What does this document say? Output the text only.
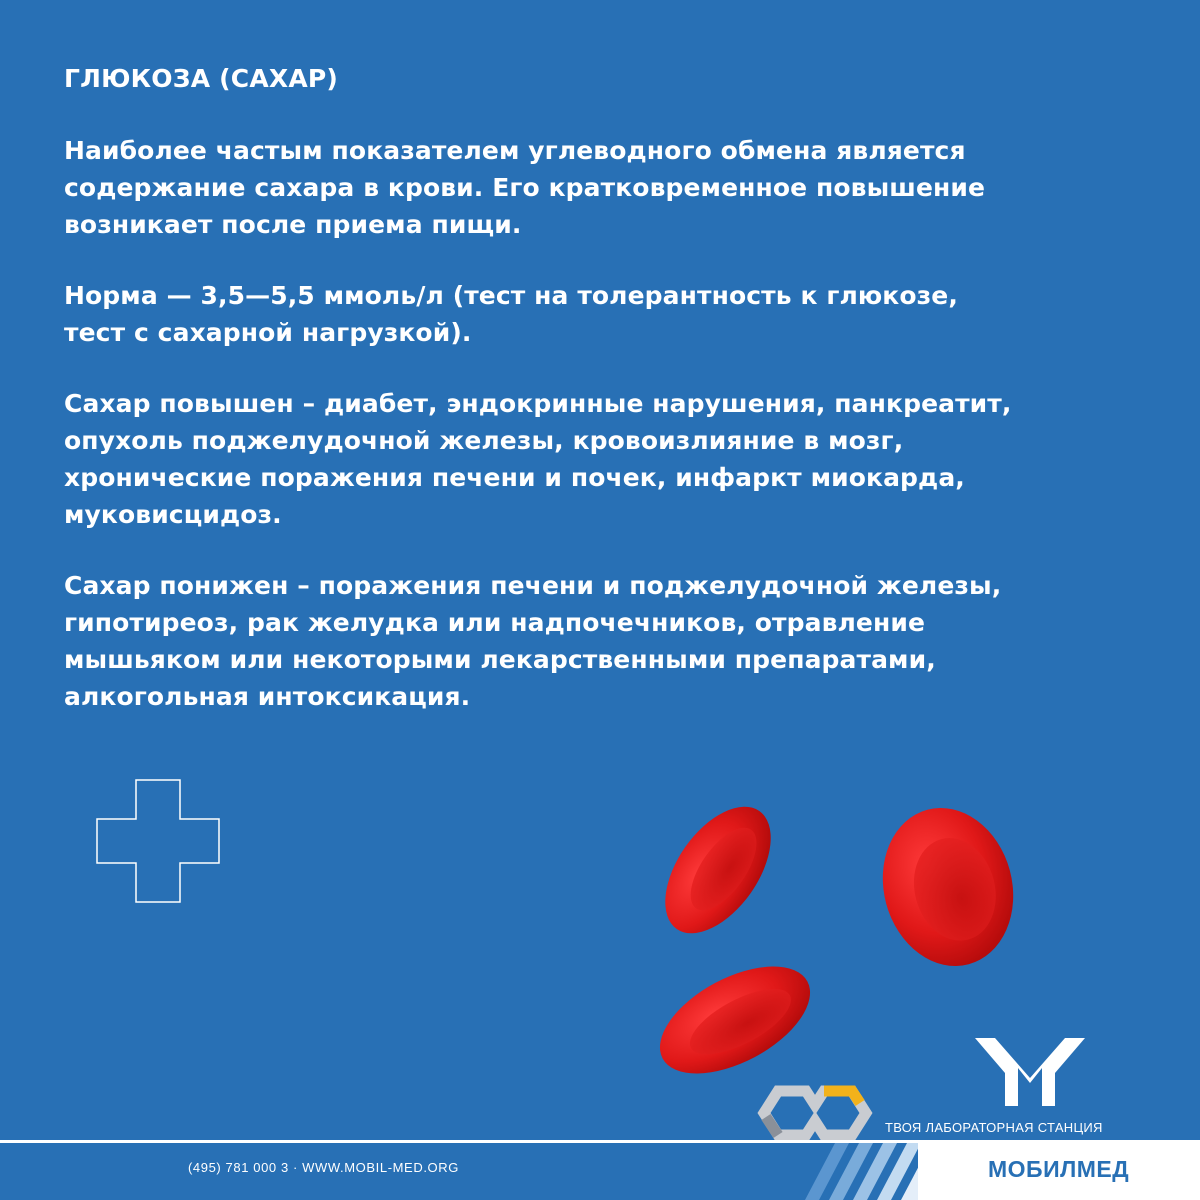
ГЛЮКОЗА (САХАР)
Наиболее частым показателем углеводного обмена является
содержание сахара в крови. Его кратковременное повышение
возникает после приема пищи.
Норма — 3,5—5,5 ммоль/л (тест на толерантность к глюкозе,
тест с сахарной нагрузкой).
Сахар повышен – диабет, эндокринные нарушения, панкреатит,
опухоль поджелудочной железы, кровоизлияние в мозг,
хронические поражения печени и почек, инфаркт миокарда,
муковисцидоз.
Сахар понижен – поражения печени и поджелудочной железы,
гипотиреоз, рак желудка или надпочечников, отравление
мышьяком или некоторыми лекарственными препаратами,
алкогольная интоксикация.
ТВОЯ ЛАБОРАТОРНАЯ СТАНЦИЯ
(495) 781 000 3 · WWW.MOBIL-MED.ORG	МОБИЛМЕД
